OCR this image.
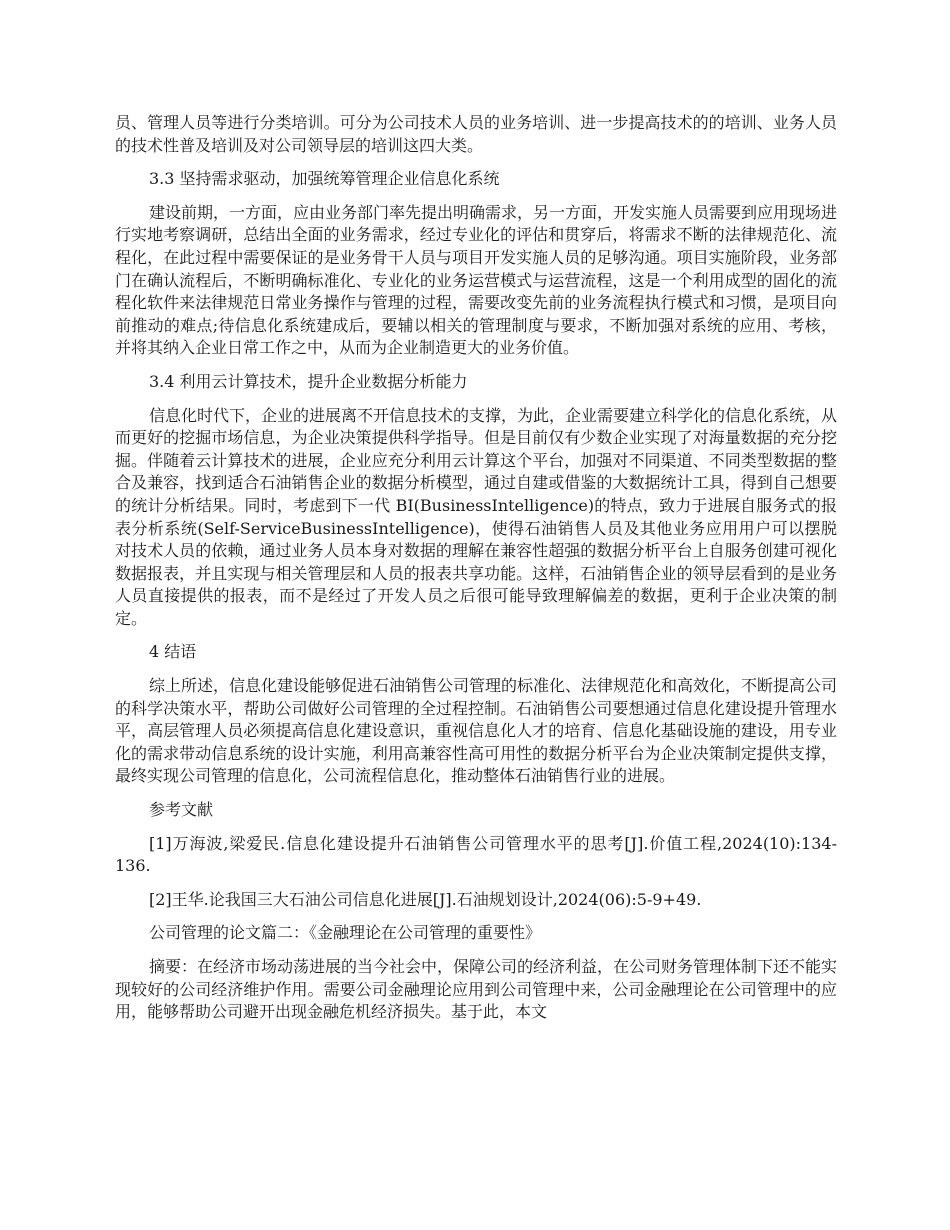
员、管理人员等进行分类培训。可分为公司技术人员的业务培训、进一步提高技术的的培训、业务人员的技术性普及培训及对公司领导层的培训这四大类。

3.3 坚持需求驱动，加强统筹管理企业信息化系统

建设前期，一方面，应由业务部门率先提出明确需求，另一方面，开发实施人员需要到应用现场进行实地考察调研，总结出全面的业务需求，经过专业化的评估和贯穿后，将需求不断的法律规范化、流程化，在此过程中需要保证的是业务骨干人员与项目开发实施人员的足够沟通。项目实施阶段，业务部门在确认流程后，不断明确标准化、专业化的业务运营模式与运营流程，这是一个利用成型的固化的流程化软件来法律规范日常业务操作与管理的过程，需要改变先前的业务流程执行模式和习惯，是项目向前推动的难点;待信息化系统建成后，要辅以相关的管理制度与要求，不断加强对系统的应用、考核，并将其纳入企业日常工作之中，从而为企业制造更大的业务价值。

3.4 利用云计算技术，提升企业数据分析能力

信息化时代下，企业的进展离不开信息技术的支撑，为此，企业需要建立科学化的信息化系统，从而更好的挖掘市场信息，为企业决策提供科学指导。但是目前仅有少数企业实现了对海量数据的充分挖掘。伴随着云计算技术的进展，企业应充分利用云计算这个平台，加强对不同渠道、不同类型数据的整合及兼容，找到适合石油销售企业的数据分析模型，通过自建或借鉴的大数据统计工具，得到自己想要的统计分析结果。同时，考虑到下一代 BI(BusinessIntelligence)的特点，致力于进展自服务式的报表分析系统(Self-ServiceBusinessIntelligence)，使得石油销售人员及其他业务应用用户可以摆脱对技术人员的依赖，通过业务人员本身对数据的理解在兼容性超强的数据分析平台上自服务创建可视化数据报表，并且实现与相关管理层和人员的报表共享功能。这样，石油销售企业的领导层看到的是业务人员直接提供的报表，而不是经过了开发人员之后很可能导致理解偏差的数据，更利于企业决策的制定。

4 结语

综上所述，信息化建设能够促进石油销售公司管理的标准化、法律规范化和高效化，不断提高公司的科学决策水平，帮助公司做好公司管理的全过程控制。石油销售公司要想通过信息化建设提升管理水平，高层管理人员必须提高信息化建设意识，重视信息化人才的培育、信息化基础设施的建设，用专业化的需求带动信息系统的设计实施，利用高兼容性高可用性的数据分析平台为企业决策制定提供支撑，最终实现公司管理的信息化，公司流程信息化，推动整体石油销售行业的进展。

参考文献

[1]万海波,梁爱民.信息化建设提升石油销售公司管理水平的思考[J].价值工程,2024(10):134-136.

[2]王华.论我国三大石油公司信息化进展[J].石油规划设计,2024(06):5-9+49.

公司管理的论文篇二：《金融理论在公司管理的重要性》

摘要：在经济市场动荡进展的当今社会中，保障公司的经济利益，在公司财务管理体制下还不能实现较好的公司经济维护作用。需要公司金融理论应用到公司管理中来，公司金融理论在公司管理中的应用，能够帮助公司避开出现金融危机经济损失。基于此，本文
